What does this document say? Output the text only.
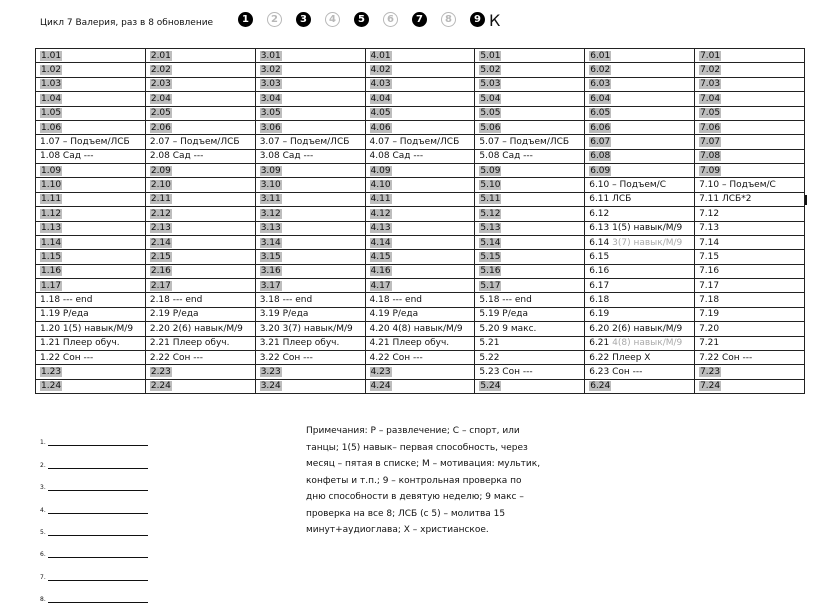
Цикл 7 Валерия, раз в 8 обновление	1	2	3	4	5	6	7	8	9 К
1.01	2.01	3.01	4.01	5.01	6.01	7.01
1.02	2.02	3.02	4.02	5.02	6.02	7.02
1.03	2.03	3.03	4.03	5.03	6.03	7.03
1.04	2.04	3.04	4.04	5.04	6.04	7.04
1.05	2.05	3.05	4.05	5.05	6.05	7.05
1.06	2.06	3.06	4.06	5.06	6.06	7.06
1.07 – Подъем/ЛСБ	2.07 – Подъем/ЛСБ	3.07 – Подъем/ЛСБ	4.07 – Подъем/ЛСБ	5.07 – Подъем/ЛСБ	6.07	7.07
1.08 Сад ---	2.08 Сад ---	3.08 Сад ---	4.08 Сад ---	5.08 Сад ---	6.08	7.08
1.09	2.09	3.09	4.09	5.09	6.09	7.09
1.10	2.10	3.10	4.10	5.10	6.10 – Подъем/С	7.10 – Подъем/С
1.11	2.11	3.11	4.11	5.11	6.11 ЛСБ	7.11 ЛСБ*2
1.12	2.12	3.12	4.12	5.12	6.12	7.12
1.13	2.13	3.13	4.13	5.13	6.13 1(5) навык/М/9	7.13
1.14	2.14	3.14	4.14	5.14	6.14 3(7) навык/М/9	7.14
1.15	2.15	3.15	4.15	5.15	6.15	7.15
1.16	2.16	3.16	4.16	5.16	6.16	7.16
1.17	2.17	3.17	4.17	5.17	6.17	7.17
1.18 --- end	2.18 --- end	3.18 --- end	4.18 --- end	5.18 --- end	6.18	7.18
1.19 Р/еда	2.19 Р/еда	3.19 Р/еда	4.19 Р/еда	5.19 Р/еда	6.19	7.19
1.20 1(5) навык/М/9	2.20 2(6) навык/М/9	3.20 3(7) навык/М/9	4.20 4(8) навык/М/9	5.20 9 макс.	6.20 2(6) навык/М/9	7.20
1.21 Плеер обуч.	2.21 Плеер обуч.	3.21 Плеер обуч.	4.21 Плеер обуч.	5.21	6.21 4(8) навык/М/9	7.21
1.22 Сон ---	2.22 Сон ---	3.22 Сон ---	4.22 Сон ---	5.22	6.22 Плеер Х	7.22 Сон ---
1.23	2.23	3.23	4.23	5.23 Сон ---	6.23 Сон ---	7.23
1.24	2.24	3.24	4.24	5.24	6.24	7.24
1.
2.
3.
4.
5.
6.
7.
8.
Примечания: Р – развлечение; С – спорт, или танцы; 1(5) навык– первая способность, через месяц – пятая в списке; М – мотивация: мультик, конфеты и т.п.; 9 – контрольная проверка по дню способности в девятую неделю; 9 макс – проверка на все 8; ЛСБ (с 5) – молитва 15 минут+аудиоглава; Х – христианское.
